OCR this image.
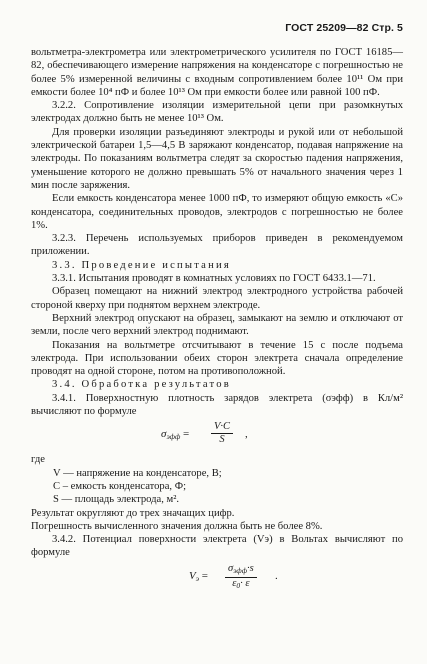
ГОСТ 25209—82 Стр. 5

вольтметра-электрометра или электрометрического усилителя по ГОСТ 16185—82, обеспечивающего измерение напряжения на конденсаторе с погрешностью не более 5% измеренной величины с входным сопротивлением более 10¹¹ Ом при емкости более 10⁴ пФ и более 10¹³ Ом при емкости более или равной 100 пФ.

3.2.2. Сопротивление изоляции измерительной цепи при разомкнутых электродах должно быть не менее 10¹³ Ом.

Для проверки изоляции разъединяют электроды и рукой или от небольшой электрической батареи 1,5—4,5 В заряжают конденсатор, подавая напряжение на электроды. По показаниям вольтметра следят за скоростью падения напряжения, уменьшение которого не должно превышать 5% от начального значения через 1 мин после заряжения.

Если емкость конденсатора менее 1000 пФ, то измеряют общую емкость «С» конденсатора, соединительных проводов, электродов с погрешностью не более 1%.

3.2.3. Перечень используемых приборов приведен в рекомендуемом приложении.

3.3. Проведение испытания

3.3.1. Испытания проводят в комнатных условиях по ГОСТ 6433.1—71.

Образец помещают на нижний электрод электродного устройства рабочей стороной кверху при поднятом верхнем электроде.

Верхний электрод опускают на образец, замыкают на землю и отключают от земли, после чего верхний электрод поднимают.

Показания на вольтметре отсчитывают в течение 15 с после подъема электрода. При использовании обеих сторон электрета сначала определение проводят на одной стороне, потом на противоположной.

3.4. Обработка результатов

3.4.1. Поверхностную плотность зарядов электрета (σэфф) в Кл/м² вычисляют по формуле

$\sigma_{эфф} = \frac{V\cdot C}{S}$ ,

где

V — напряжение на конденсаторе, В;

C – емкость конденсатора, Ф;

S — площадь электрода, м².

Результат округляют до трех значащих цифр.

Погрешность вычисленного значения должна быть не более 8%.

3.4.2. Потенциал поверхности электрета (Vэ) в Вольтах вычисляют по формуле

$V_э$ =
$\sigma_{эфф}\cdot s$
$\varepsilon_0\cdot \varepsilon$
.
